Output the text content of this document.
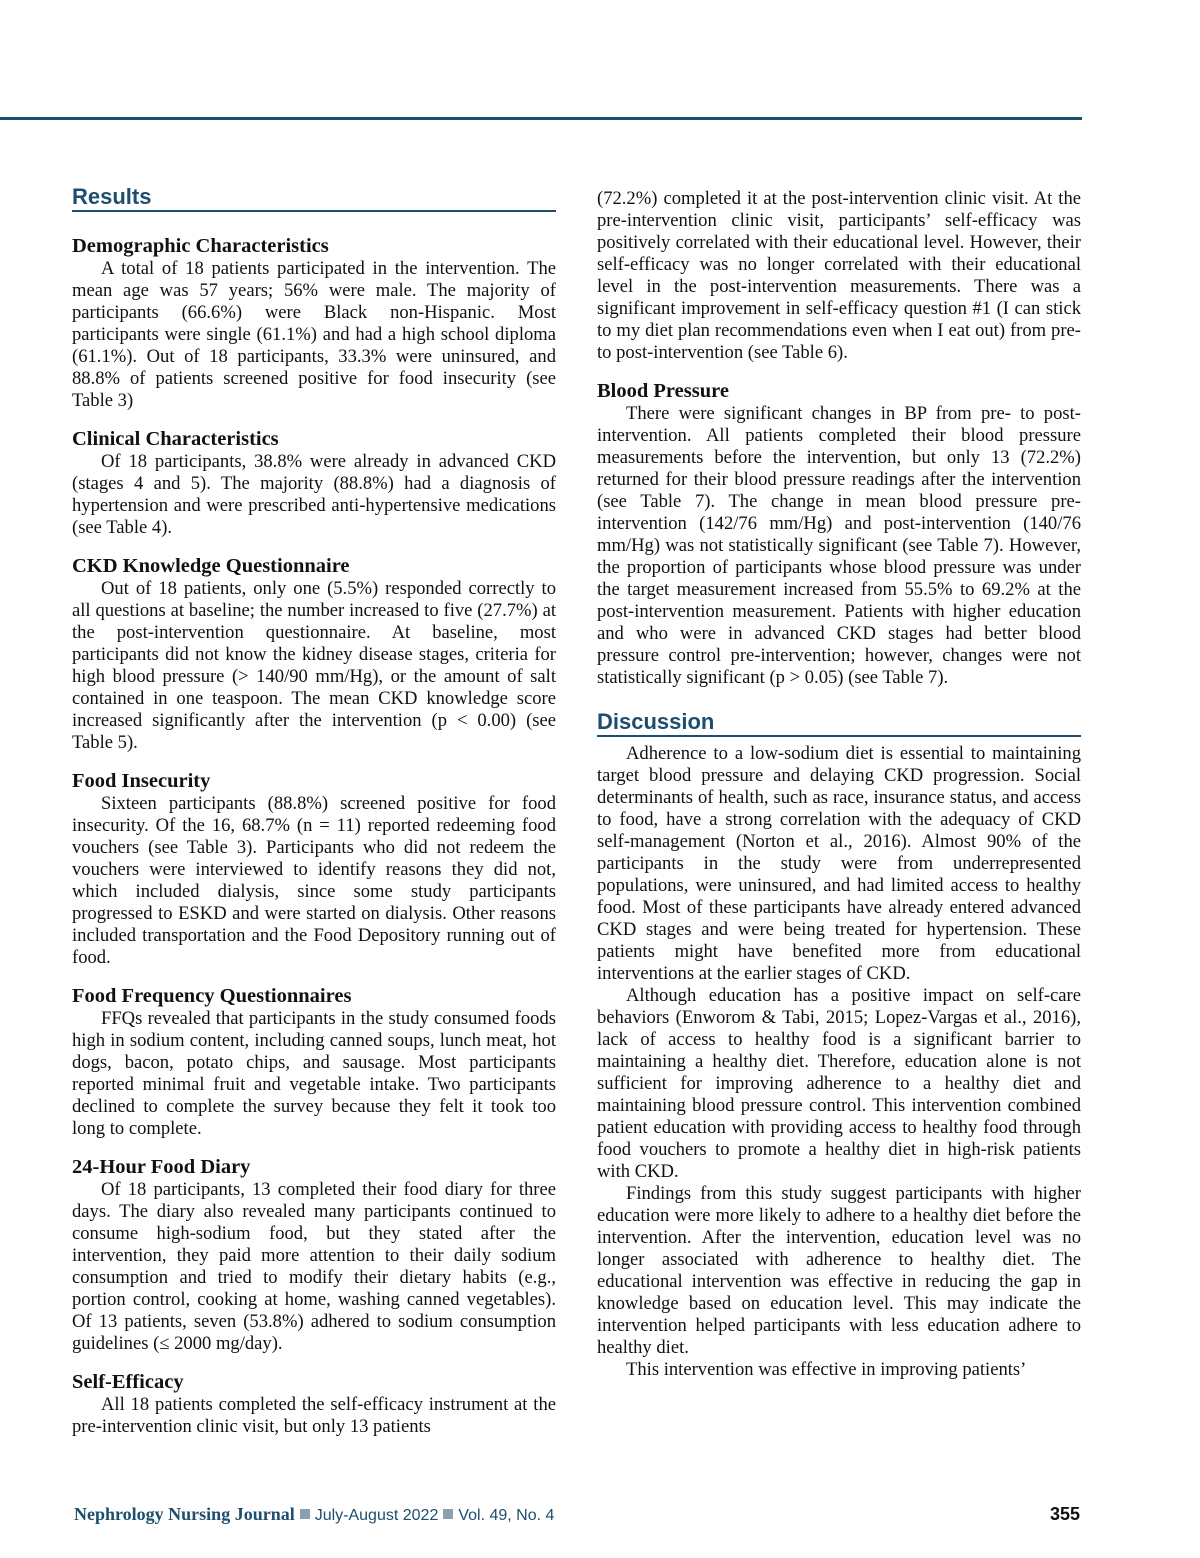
Results
Demographic Characteristics

A total of 18 patients participated in the intervention. The mean age was 57 years; 56% were male. The majority of participants (66.6%) were Black non-Hispanic. Most participants were single (61.1%) and had a high school diploma (61.1%). Out of 18 participants, 33.3% were uninsured, and 88.8% of patients screened positive for food insecurity (see Table 3)

Clinical Characteristics

Of 18 participants, 38.8% were already in advanced CKD (stages 4 and 5). The majority (88.8%) had a diagnosis of hypertension and were prescribed anti-hypertensive medications (see Table 4).

CKD Knowledge Questionnaire

Out of 18 patients, only one (5.5%) responded correctly to all questions at baseline; the number increased to five (27.7%) at the post-intervention questionnaire. At baseline, most participants did not know the kidney disease stages, criteria for high blood pressure (> 140/90 mm/Hg), or the amount of salt contained in one teaspoon. The mean CKD knowledge score increased significantly after the intervention (p < 0.00) (see Table 5).

Food Insecurity

Sixteen participants (88.8%) screened positive for food insecurity. Of the 16, 68.7% (n = 11) reported redeeming food vouchers (see Table 3). Participants who did not redeem the vouchers were interviewed to identify reasons they did not, which included dialysis, since some study participants progressed to ESKD and were started on dialysis. Other reasons included transportation and the Food Depository running out of food.

Food Frequency Questionnaires

FFQs revealed that participants in the study consumed foods high in sodium content, including canned soups, lunch meat, hot dogs, bacon, potato chips, and sausage. Most participants reported minimal fruit and vegetable intake. Two participants declined to complete the survey because they felt it took too long to complete.

24-Hour Food Diary

Of 18 participants, 13 completed their food diary for three days. The diary also revealed many participants continued to consume high-sodium food, but they stated after the intervention, they paid more attention to their daily sodium consumption and tried to modify their dietary habits (e.g., portion control, cooking at home, washing canned vegetables). Of 13 patients, seven (53.8%) adhered to sodium consumption guidelines (≤ 2000 mg/day).

Self-Efficacy

All 18 patients completed the self-efficacy instrument at the pre-intervention clinic visit, but only 13 patients

(72.2%) completed it at the post-intervention clinic visit. At the pre-intervention clinic visit, participants’ self-efficacy was positively correlated with their educational level. However, their self-efficacy was no longer correlated with their educational level in the post-intervention measurements. There was a significant improvement in self-efficacy question #1 (I can stick to my diet plan recommendations even when I eat out) from pre- to post-intervention (see Table 6).

Blood Pressure

There were significant changes in BP from pre- to post-intervention. All patients completed their blood pressure measurements before the intervention, but only 13 (72.2%) returned for their blood pressure readings after the intervention (see Table 7). The change in mean blood pressure pre-intervention (142/76 mm/Hg) and post-intervention (140/76 mm/Hg) was not statistically significant (see Table 7). However, the proportion of participants whose blood pressure was under the target measurement increased from 55.5% to 69.2% at the post-intervention measurement. Patients with higher education and who were in advanced CKD stages had better blood pressure control pre-intervention; however, changes were not statistically significant (p > 0.05) (see Table 7).

Discussion

Adherence to a low-sodium diet is essential to maintaining target blood pressure and delaying CKD progression. Social determinants of health, such as race, insurance status, and access to food, have a strong correlation with the adequacy of CKD self-management (Norton et al., 2016). Almost 90% of the participants in the study were from underrepresented populations, were uninsured, and had limited access to healthy food. Most of these participants have already entered advanced CKD stages and were being treated for hypertension. These patients might have benefited more from educational interventions at the earlier stages of CKD.

Although education has a positive impact on self-care behaviors (Enworom & Tabi, 2015; Lopez-Vargas et al., 2016), lack of access to healthy food is a significant barrier to maintaining a healthy diet. Therefore, education alone is not sufficient for improving adherence to a healthy diet and maintaining blood pressure control. This intervention combined patient education with providing access to healthy food through food vouchers to promote a healthy diet in high-risk patients with CKD.

Findings from this study suggest participants with higher education were more likely to adhere to a healthy diet before the intervention. After the intervention, education level was no longer associated with adherence to healthy diet. The educational intervention was effective in reducing the gap in knowledge based on education level. This may indicate the intervention helped participants with less education adhere to healthy diet.

This intervention was effective in improving patients’

Nephrology Nursing Journal July-August 2022 Vol. 49, No. 4	355
